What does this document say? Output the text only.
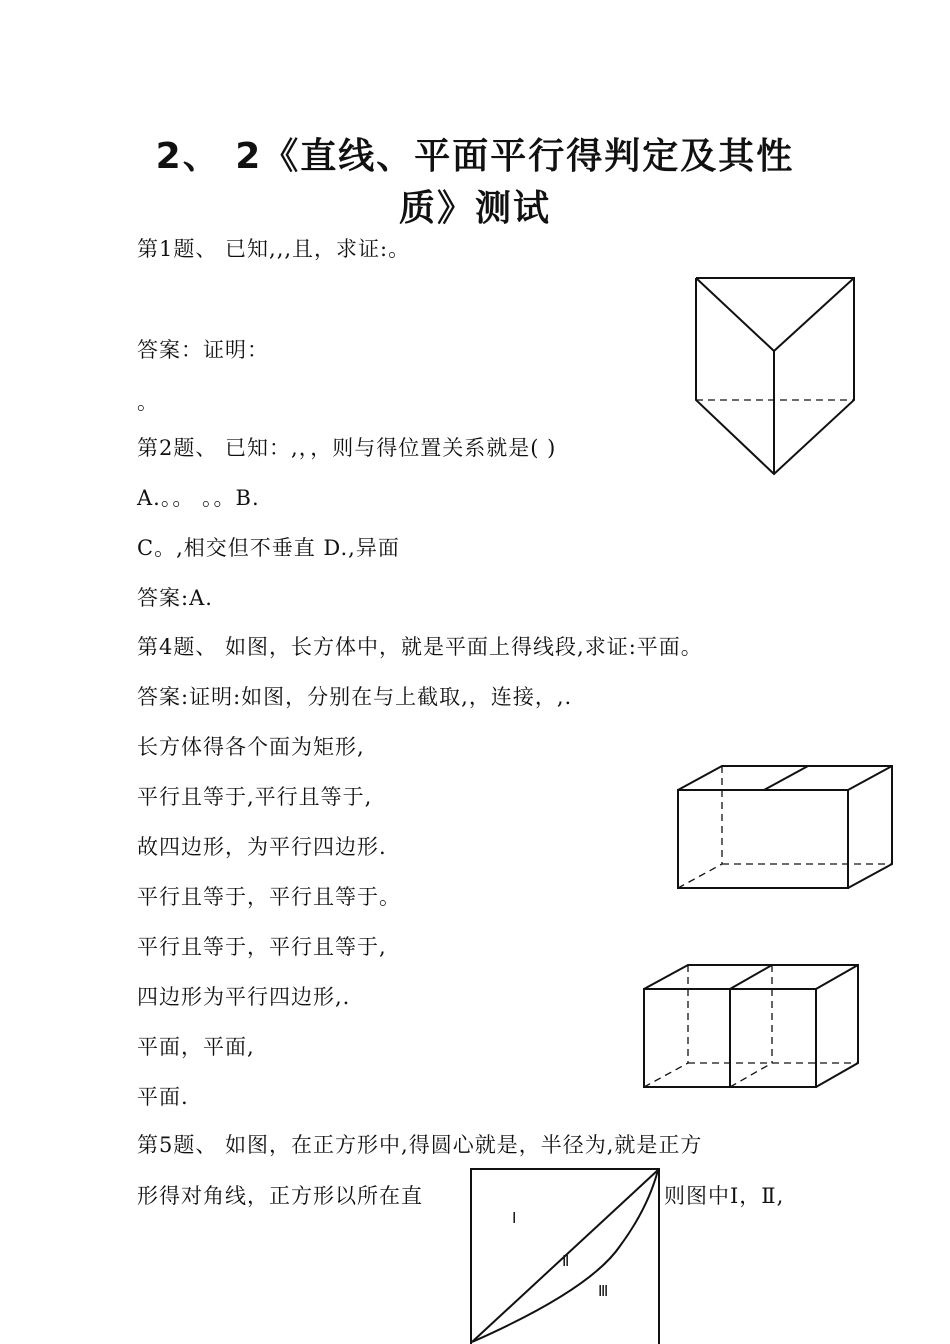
2、 2《直线、平面平行得判定及其性
质》测试
第1题、 已知,,,且，求证:。
答案：证明：
。
第2题、 已知：,，，则与得位置关系就是( )
A.。。 。。B.
C。,相交但不垂直 D.,异面
答案:A.
第4题、 如图，长方体中，就是平面上得线段,求证:平面。
答案:证明:如图，分别在与上截取,，连接，,.
长方体得各个面为矩形,
平行且等于,平行且等于,
故四边形，为平行四边形.
平行且等于，平行且等于。
平行且等于，平行且等于,
四边形为平行四边形,.
平面，平面,
平面.
第5题、 如图，在正方形中,得圆心就是，半径为,就是正方
形得对角线，正方形以所在直	则图中Ⅰ，Ⅱ,
Ⅰ
Ⅱ
Ⅲ
